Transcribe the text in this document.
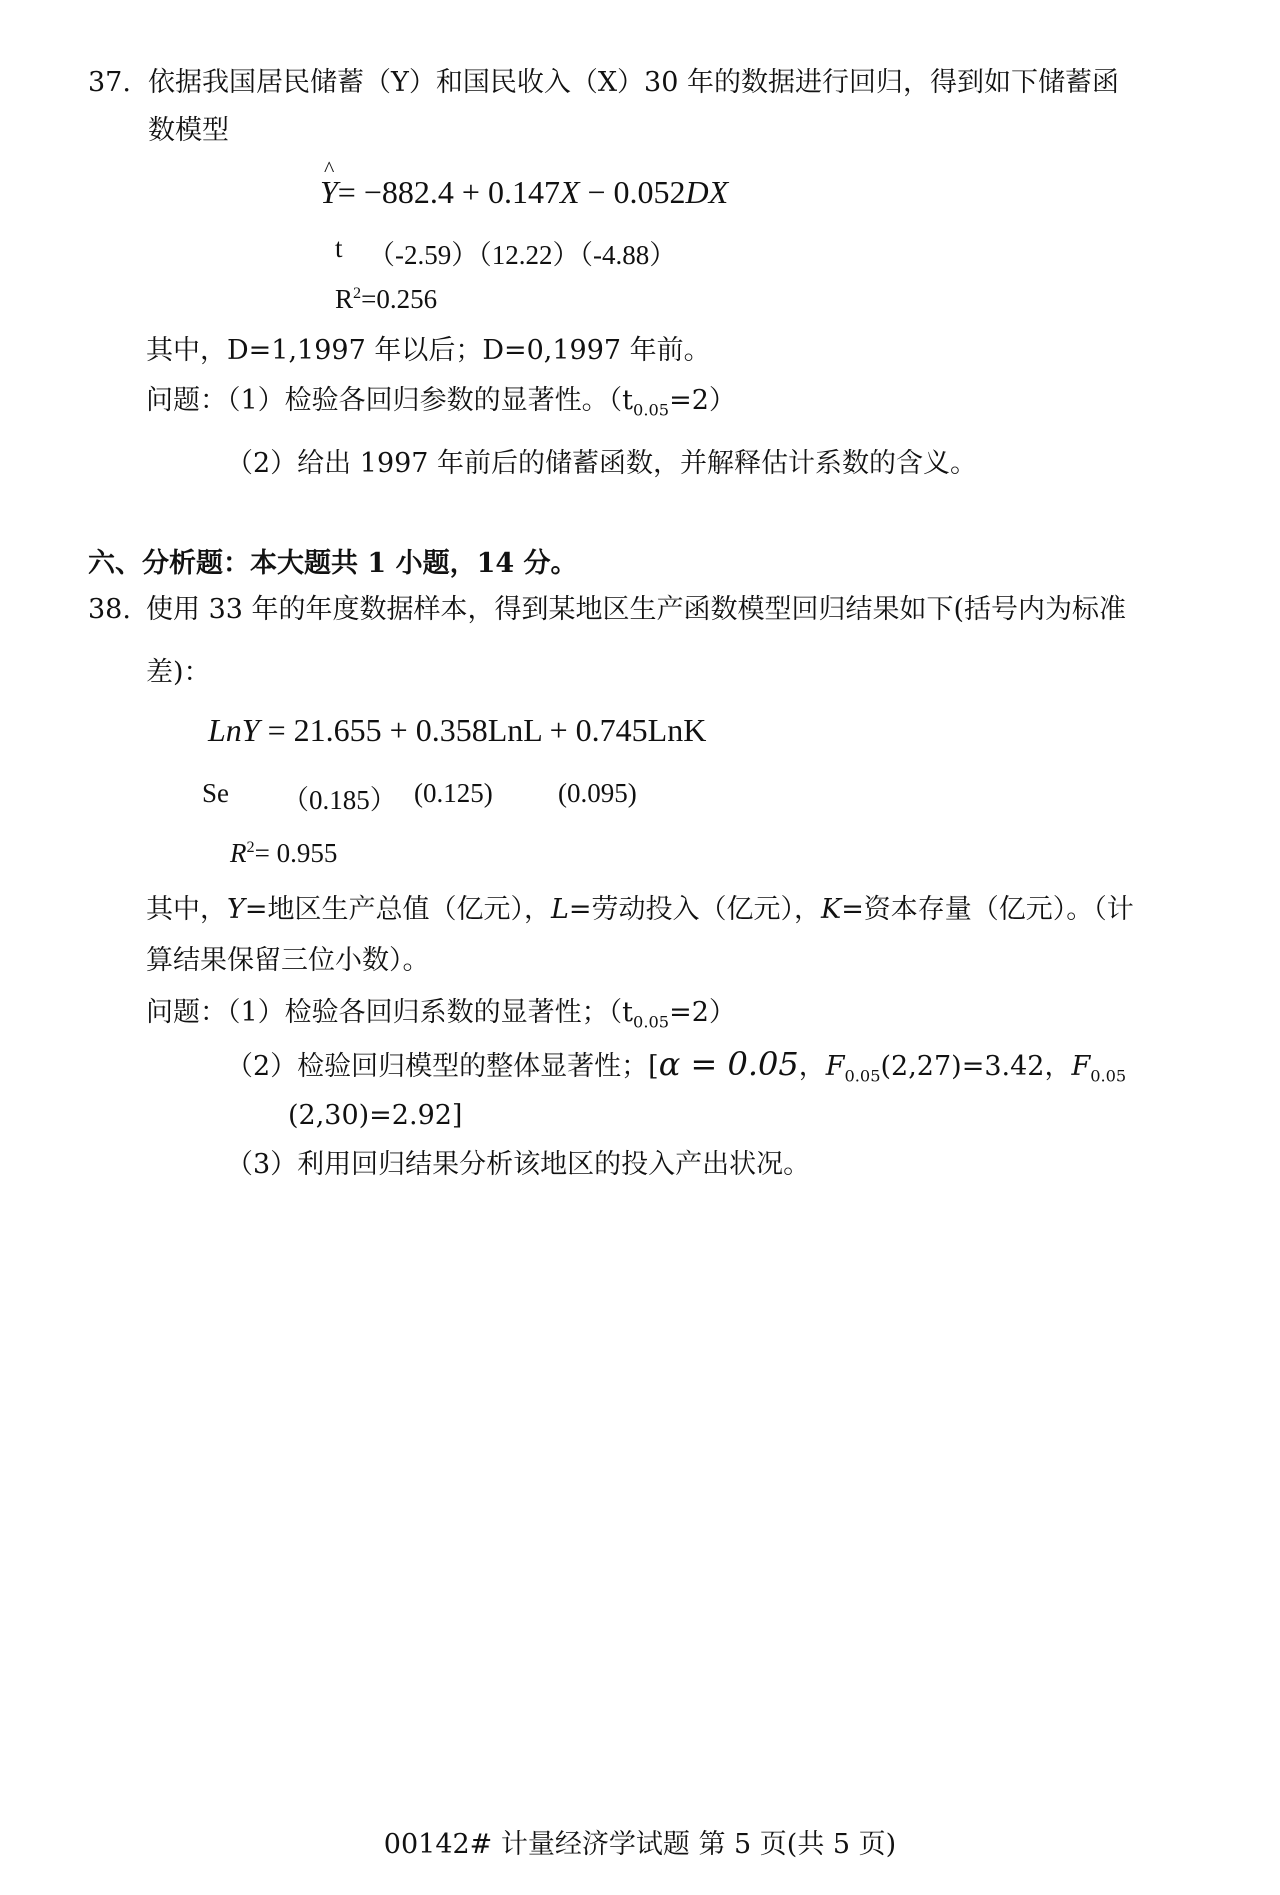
37. 依据我国居民储蓄（Y）和国民收入（X）30 年的数据进行回归，得到如下储蓄函
数模型
^ Y= −882.4 + 0.147X − 0.052DX
t （-2.59）（12.22）（-4.88）
$R^2=0.256$
其中，D=1,1997 年以后；D=0,1997 年前。
问题：（1）检验各回归参数的显著性。$(t_{0.05}=2)$
（2）给出 1997 年前后的储蓄函数，并解释估计系数的含义。
六、分析题：本大题共 1 小题，14 分。
38. 使用 33 年的年度数据样本，得到某地区生产函数模型回归结果如下(括号内为标准
差)：
LnY = 21.655 + 0.358LnL + 0.745LnK
Se （0.185） (0.125) (0.095)
$R^2= 0.955$
其中，Y=地区生产总值（亿元），L=劳动投入（亿元），K=资本存量（亿元）。（计
算结果保留三位小数）。
问题：（1）检验各回归系数的显著性；$(t_{0.05}=2)$
（2）检验回归模型的整体显著性；[α = 0.05，$F_{0.05}(2,27)=3.42$，$F_{0.05}$
(2,30)=2.92]
（3）利用回归结果分析该地区的投入产出状况。
00142# 计量经济学试题 第 5 页(共 5 页)
